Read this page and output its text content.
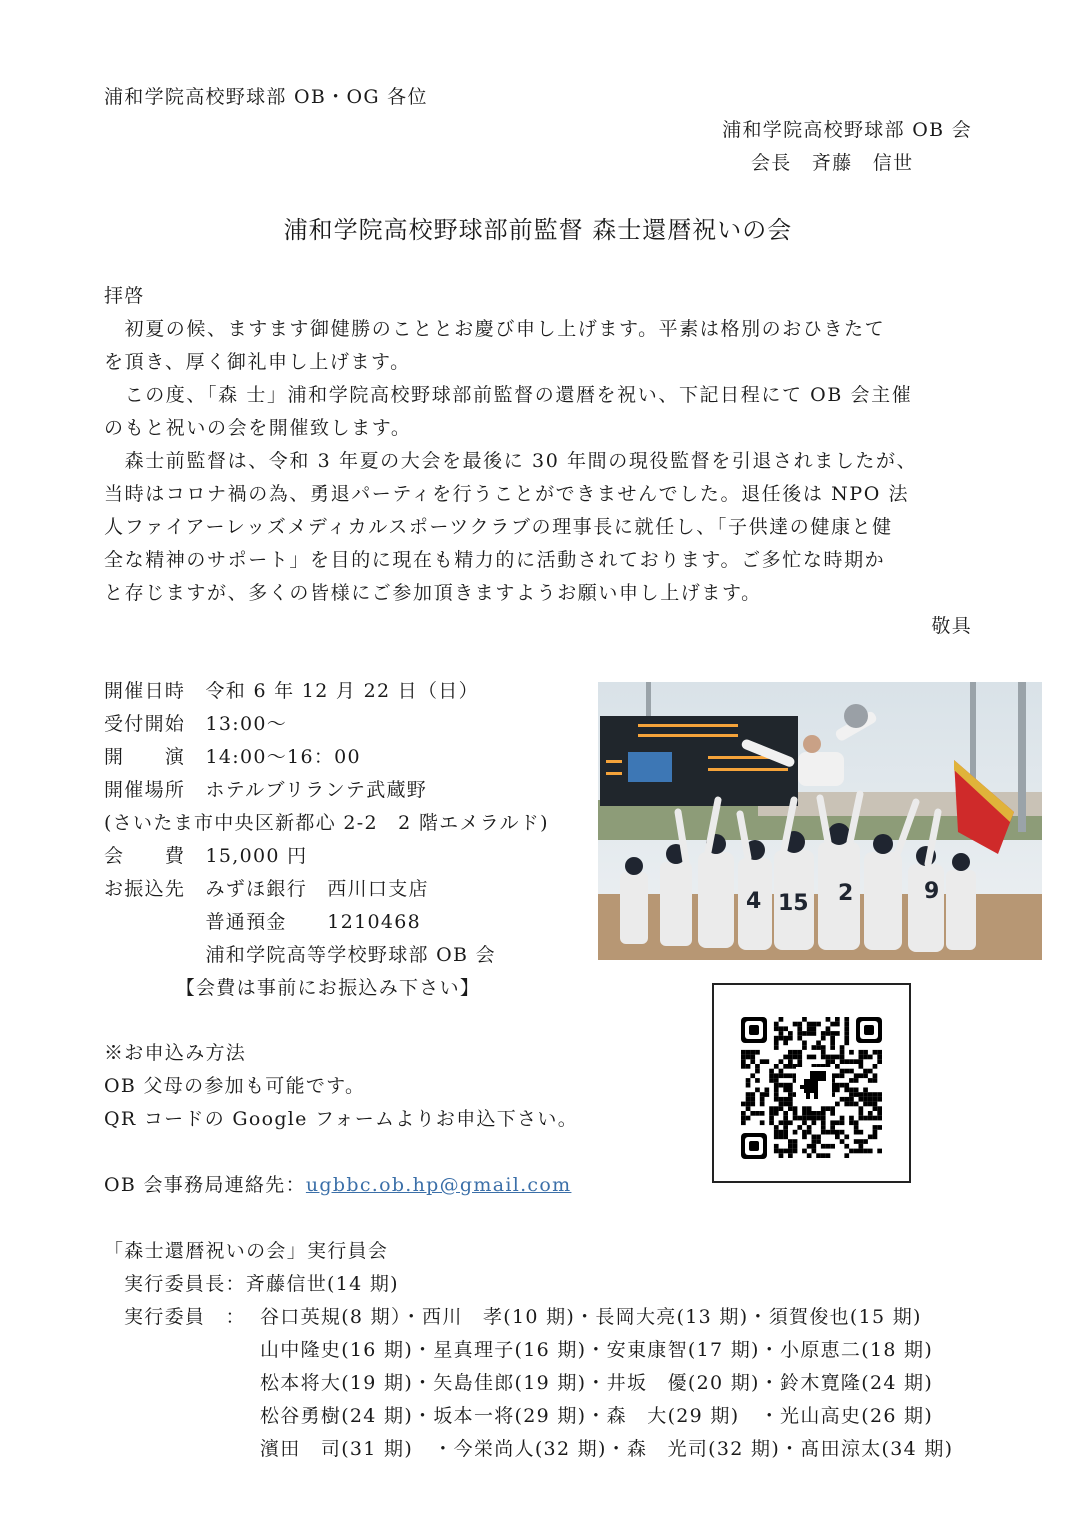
浦和学院高校野球部 OB・OG 各位
浦和学院高校野球部 OB 会
会長　斉藤　信世
浦和学院高校野球部前監督 森士還暦祝いの会
拝啓
　初夏の候、ますます御健勝のこととお慶び申し上げます。平素は格別のおひきたて
を頂き、厚く御礼申し上げます。
　この度、「森 士」浦和学院高校野球部前監督の還暦を祝い、下記日程にて OB 会主催
のもと祝いの会を開催致します。
　森士前監督は、令和 3 年夏の大会を最後に 30 年間の現役監督を引退されましたが、
当時はコロナ禍の為、勇退パーティを行うことができませんでした。退任後は NPO 法
人ファイアーレッズメディカルスポーツクラブの理事長に就任し、「子供達の健康と健
全な精神のサポート」を目的に現在も精力的に活動されております。ご多忙な時期か
と存じますが、多くの皆様にご参加頂きますようお願い申し上げます。
敬具
開催日時　令和 6 年 12 月 22 日（日）
受付開始　13:00〜
開　　演　14:00〜16：00
開催場所　ホテルブリランテ武蔵野
(さいたま市中央区新都心 2-2　2 階エメラルド)
会　　費　15,000 円
お振込先　みずほ銀行　西川口支店
　　　　　普通預金　　1210468
　　　　　浦和学院高等学校野球部 OB 会
　　　　【会費は事前にお振込み下さい】
4 15 2	9
※お申込み方法
OB 父母の参加も可能です。
QR コードの Google フォームよりお申込下さい。
OB 会事務局連絡先：ugbbc.ob.hp@gmail.com
「森士還暦祝いの会」実行員会
実行委員長：斉藤信世(14 期)
実行委員　： 谷口英規(8 期）・西川　孝(10 期)・長岡大亮(13 期)・須賀俊也(15 期)
山中隆史(16 期)・星真理子(16 期)・安東康智(17 期)・小原恵二(18 期)
松本将大(19 期)・矢島佳郎(19 期)・井坂　優(20 期)・鈴木寛隆(24 期)
松谷勇樹(24 期)・坂本一将(29 期)・森　大(29 期)　・光山高史(26 期)
濱田　司(31 期)　・今栄尚人(32 期)・森　光司(32 期)・髙田涼太(34 期)
